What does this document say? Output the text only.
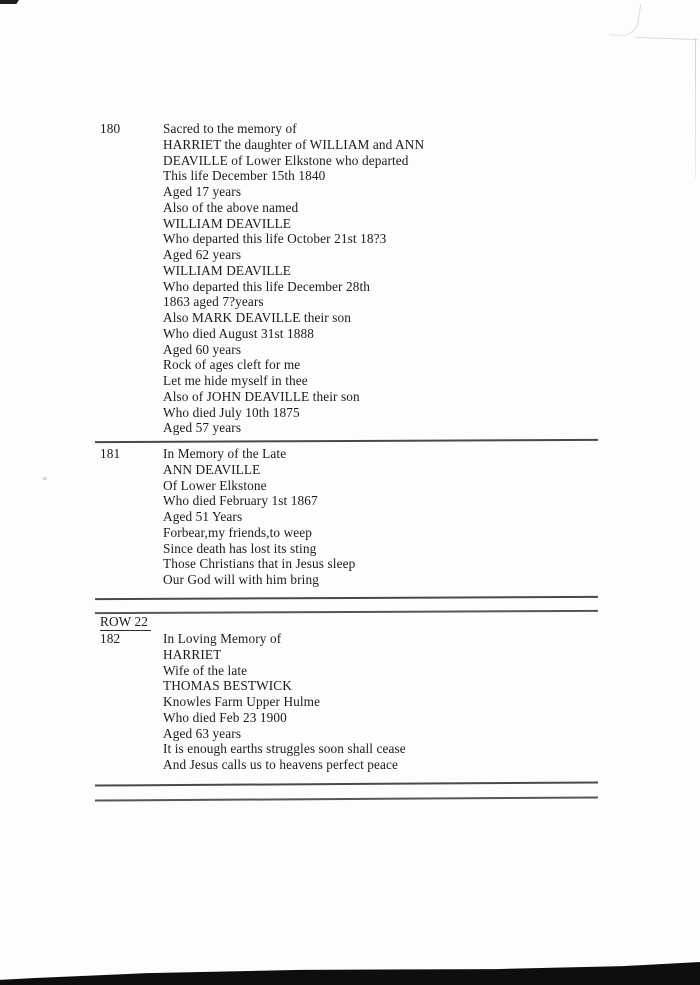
180	Sacred to the memory of
HARRIET the daughter of WILLIAM and ANN
DEAVILLE of Lower Elkstone who departed
This life December 15th 1840
Aged 17 years
Also of the above named
WILLIAM DEAVILLE
Who departed this life October 21st 18?3
Aged 62 years
WILLIAM DEAVILLE
Who departed this life December 28th
1863 aged 7?years
Also MARK DEAVILLE their son
Who died August 31st 1888
Aged 60 years
Rock of ages cleft for me
Let me hide myself in thee
Also of JOHN DEAVILLE their son
Who died July 10th 1875
Aged 57 years
181	In Memory of the Late
ANN DEAVILLE
Of Lower Elkstone
Who died February 1st 1867
Aged 51 Years
Forbear,my friends,to weep
Since death has lost its sting
Those Christians that in Jesus sleep
Our God will with him bring
ROW 22
182	In Loving Memory of
HARRIET
Wife of the late
THOMAS BESTWICK
Knowles Farm Upper Hulme
Who died Feb 23 1900
Aged 63 years
It is enough earths struggles soon shall cease
And Jesus calls us to heavens perfect peace
